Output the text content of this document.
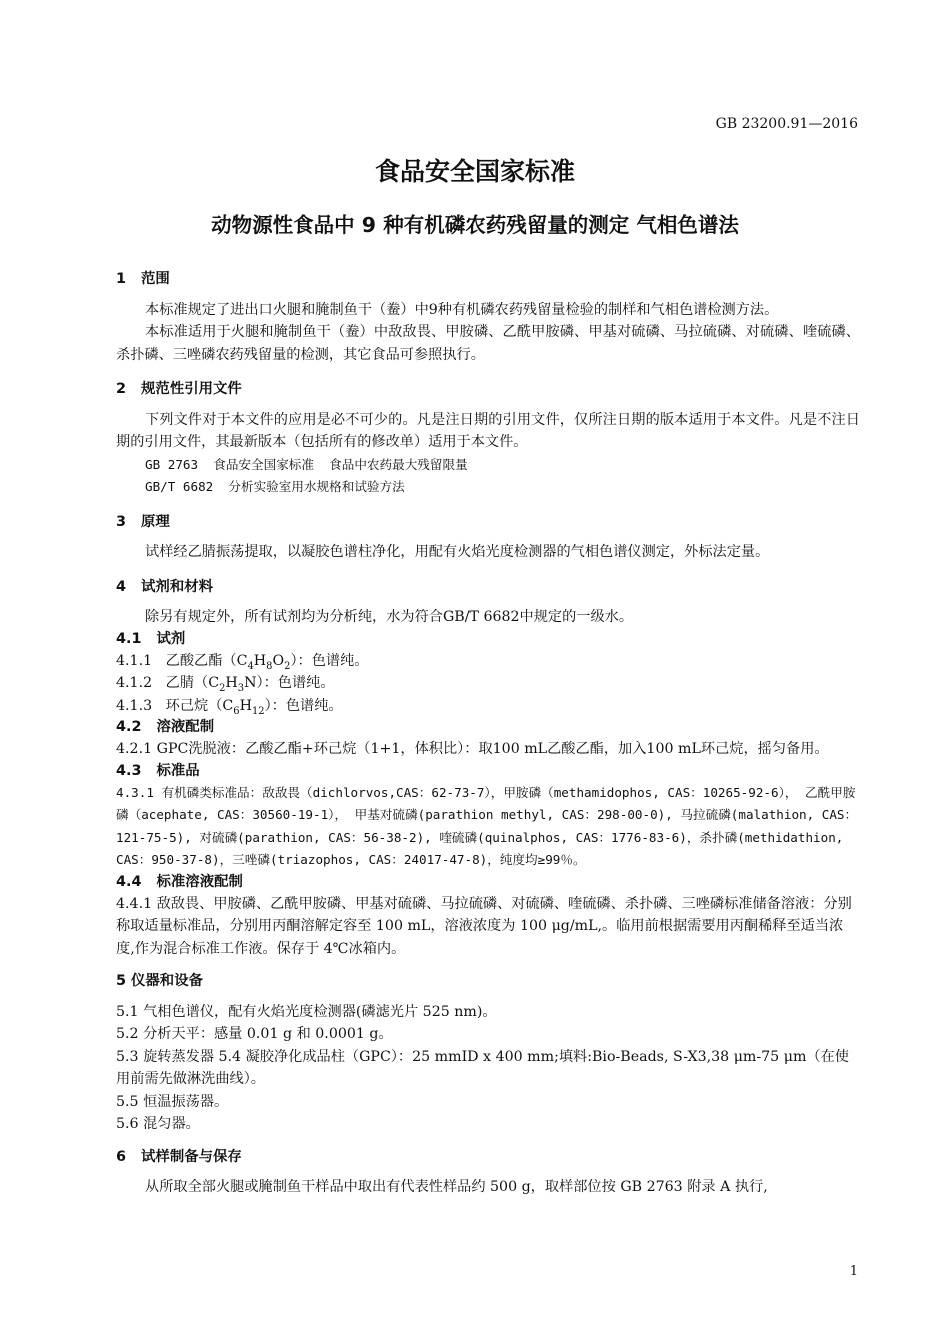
GB 23200.91—2016
食品安全国家标准
动物源性食品中 9 种有机磷农药残留量的测定 气相色谱法
1   范围
本标准规定了进出口火腿和腌制鱼干（鲞）中9种有机磷农药残留量检验的制样和气相色谱检测方法。
本标准适用于火腿和腌制鱼干（鲞）中敌敌畏、甲胺磷、乙酰甲胺磷、甲基对硫磷、马拉硫磷、对硫磷、喹硫磷、杀扑磷、三唑磷农药残留量的检测，其它食品可参照执行。
2   规范性引用文件
下列文件对于本文件的应用是必不可少的。凡是注日期的引用文件，仅所注日期的版本适用于本文件。凡是不注日期的引用文件，其最新版本（包括所有的修改单）适用于本文件。
GB 2763  食品安全国家标准  食品中农药最大残留限量
GB/T 6682  分析实验室用水规格和试验方法
3   原理
试样经乙腈振荡提取，以凝胶色谱柱净化，用配有火焰光度检测器的气相色谱仪测定，外标法定量。
4   试剂和材料
除另有规定外，所有试剂均为分析纯，水为符合GB/T 6682中规定的一级水。
4.1   试剂
4.1.1   乙酸乙酯$(C_4H_8O_2)$：色谱纯。
4.1.2   乙腈$(C_2H_3N)$：色谱纯。
4.1.3   环己烷$(C_6H_{12})$：色谱纯。
4.2   溶液配制
4.2.1 GPC洗脱液：乙酸乙酯+环己烷（1+1，体积比）：取100 mL乙酸乙酯，加入100 mL环己烷，摇匀备用。
4.3   标准品
4.3.1 有机磷类标准品：敌敌畏（dichlorvos,CAS：62-73-7），甲胺磷（methamidophos, CAS：10265-92-6）， 乙酰甲胺磷（acephate, CAS：30560-19-1）， 甲基对硫磷(parathion methyl, CAS：298-00-0), 马拉硫磷(malathion, CAS：121-75-5), 对硫磷(parathion, CAS：56-38-2), 喹硫磷(quinalphos, CAS：1776-83-6)，杀扑磷(methidathion, CAS：950-37-8)，三唑磷(triazophos, CAS：24017-47-8)，纯度均≥99％。
4.4   标准溶液配制
4.4.1 敌敌畏、甲胺磷、乙酰甲胺磷、甲基对硫磷、马拉硫磷、对硫磷、喹硫磷、杀扑磷、三唑磷标准储备溶液：分别称取适量标准品，分别用丙酮溶解定容至 100 mL，溶液浓度为 100 μg/mL,。临用前根据需要用丙酮稀释至适当浓度,作为混合标准工作液。保存于 4℃冰箱内。
5 仪器和设备
5.1 气相色谱仪，配有火焰光度检测器(磷滤光片 525 nm)。
5.2 分析天平：感量 0.01 g 和 0.0001 g。
5.3 旋转蒸发器 5.4 凝胶净化成品柱（GPC）：25 mmID x 400 mm;填料:Bio-Beads, S-X3,38 μm-75 μm（在使用前需先做淋洗曲线）。
5.5 恒温振荡器。
5.6 混匀器。
6   试样制备与保存
从所取全部火腿或腌制鱼干样品中取出有代表性样品约 500 g，取样部位按 GB 2763 附录 A 执行,
1
